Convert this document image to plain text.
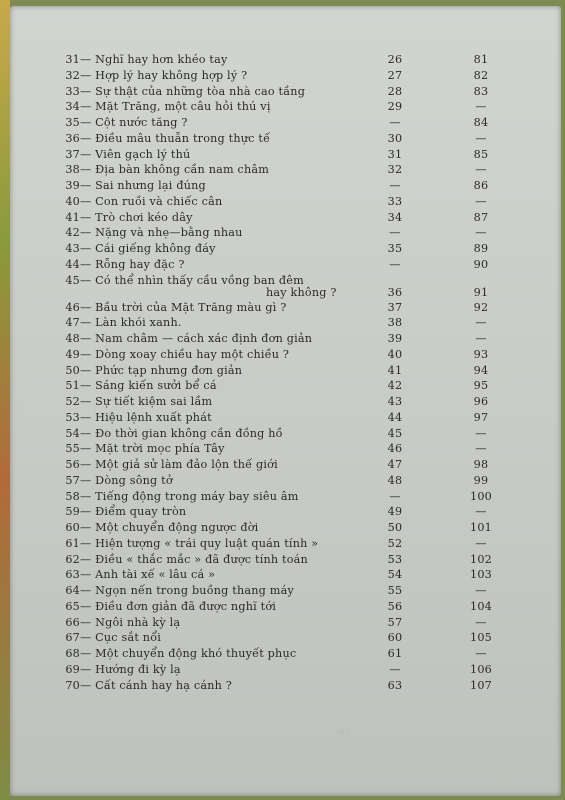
31 — Nghĩ hay hơn khéo tay	26	81
32 — Hợp lý hay không hợp lý ?	27	82
33 — Sự thật của những tòa nhà cao tầng	28	83
34 — Mặt Trăng, một câu hỏi thú vị	29	—
35 — Cột nước tăng ?	—	84
36 — Điều mâu thuẫn trong thực tế	30	—
37 — Viên gạch lý thú	31	85
38 — Địa bàn không cần nam châm	32	—
39 — Sai nhưng lại đúng	—	86
40 — Con ruồi và chiếc cân	33	—
41 — Trò chơi kéo dây	34	87
42 — Nặng và nhẹ—bằng nhau	—	—
43 — Cái giếng không đáy	35	89
44 — Rỗng hay đặc ?	—	90
45 — Có thể nhìn thấy cầu vồng ban đêm
hay không ?	36	91
46 — Bầu trời của Mặt Trăng màu gì ?	37	92
47 — Làn khói xanh.	38	—
48 — Nam châm — cách xác định đơn giản	39	—
49 — Dòng xoay chiều hay một chiều ?	40	93
50 — Phức tạp nhưng đơn giản	41	94
51 — Sáng kiến sưởi bể cá	42	95
52 — Sự tiết kiệm sai lầm	43	96
53 — Hiệu lệnh xuất phát	44	97
54 — Đo thời gian không cần đồng hồ	45	—
55 — Mặt trời mọc phía Tây	46	—
56 — Một giả sử làm đảo lộn thế giới	47	98
57 — Dòng sông tở	48	99
58 — Tiếng động trong máy bay siêu âm	—	100
59 — Điểm quay tròn	49	—
60 — Một chuyển động ngược đời	50	101
61 — Hiện tượng « trái quy luật quán tính »	52	—
62 — Điều « thắc mắc » đã được tính toán	53	102
63 — Anh tài xế « lâu cá »	54	103
64 — Ngọn nến trong buồng thang máy	55	—
65 — Điều đơn giản đã được nghĩ tới	56	104
66 — Ngôi nhà kỳ lạ	57	—
67 — Cục sắt nổi	60	105
68 — Một chuyển động khó thuyết phục	61	—
69 — Hướng đi kỳ lạ	—	106
70 — Cất cánh hay hạ cánh ?	63	107
93
